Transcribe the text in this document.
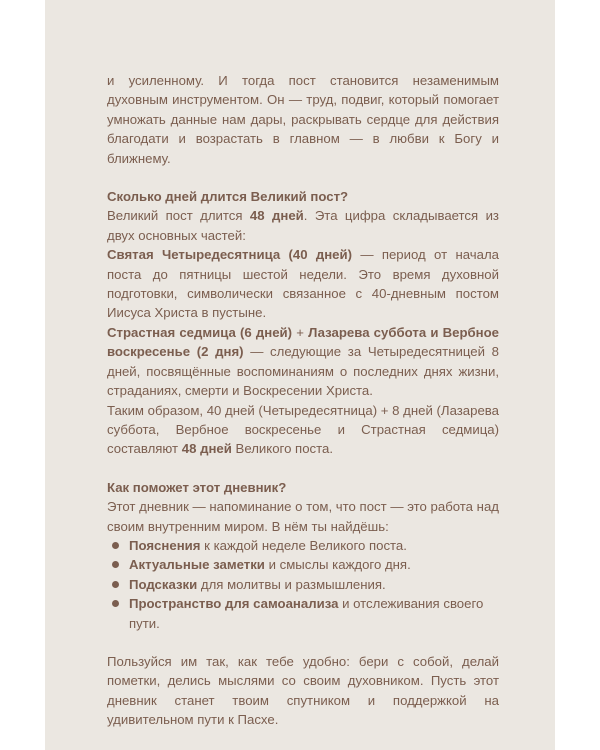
и усиленному. И тогда пост становится незаменимым духовным инструментом. Он — труд, подвиг, который помогает умножать данные нам дары, раскрывать сердце для действия благодати и возрастать в главном — в любви к Богу и ближнему.

Сколько дней длится Великий пост?

Великий пост длится 48 дней. Эта цифра складывается из двух основных частей:

Святая Четыредесятница (40 дней) — период от начала поста до пятницы шестой недели. Это время духовной подготовки, символически связанное с 40-дневным постом Иисуса Христа в пустыне.

Страстная седмица (6 дней) + Лазарева суббота и Вербное воскресенье (2 дня) — следующие за Четыредесятницей 8 дней, посвящённые воспоминаниям о последних днях жизни, страданиях, смерти и Воскресении Христа.

Таким образом, 40 дней (Четыредесятница) + 8 дней (Лазарева суббота, Вербное воскресенье и Страстная седмица) составляют 48 дней Великого поста.

Как поможет этот дневник?

Этот дневник — напоминание о том, что пост — это работа над своим внутренним миром. В нём ты найдёшь:

Пояснения к каждой неделе Великого поста.
Актуальные заметки и смыслы каждого дня.
Подсказки для молитвы и размышления.
Пространство для самоанализа и отслеживания своего пути.

Пользуйся им так, как тебе удобно: бери с собой, делай пометки, делись мыслями со своим духовником. Пусть этот дневник станет твоим спутником и поддержкой на удивительном пути к Пасхе.
